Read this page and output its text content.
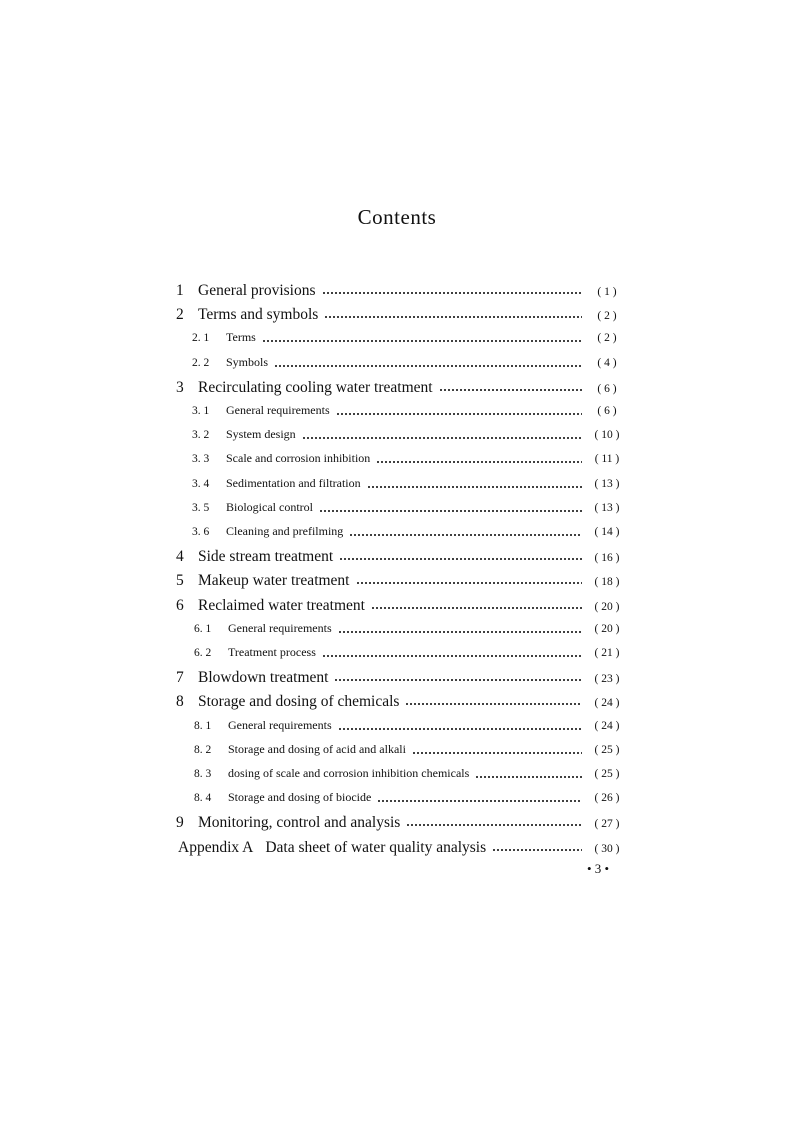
Contents
1 General provisions	( 1 )
2 Terms and symbols	( 2 )
2. 1	Terms	( 2 )
2. 2	Symbols	( 4 )
3 Recirculating cooling water treatment	( 6 )
3. 1	General requirements	( 6 )
3. 2	System design	( 10 )
3. 3	Scale and corrosion inhibition	( 11 )
3. 4	Sedimentation and filtration	( 13 )
3. 5	Biological control	( 13 )
3. 6	Cleaning and prefilming	( 14 )
4 Side stream treatment	( 16 )
5 Makeup water treatment	( 18 )
6 Reclaimed water treatment	( 20 )
6. 1	General requirements	( 20 )
6. 2	Treatment process	( 21 )
7 Blowdown treatment	( 23 )
8 Storage and dosing of chemicals	( 24 )
8. 1	General requirements	( 24 )
8. 2	Storage and dosing of acid and alkali	( 25 )
8. 3	dosing of scale and corrosion inhibition chemicals	( 25 )
8. 4	Storage and dosing of biocide	( 26 )
9 Monitoring, control and analysis	( 27 )
Appendix A Data sheet of water quality analysis	( 30 )
• 3 •
